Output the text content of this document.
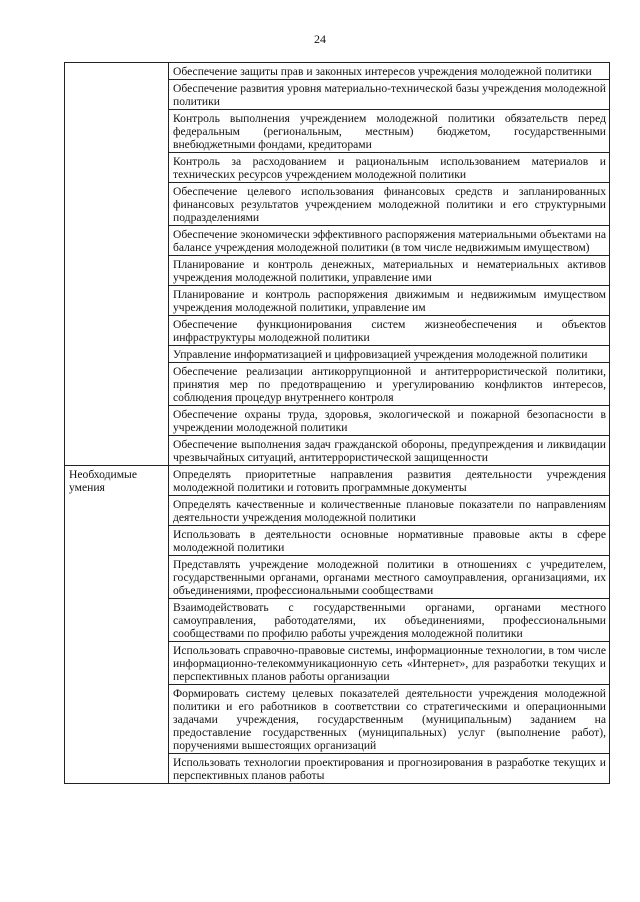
24
	Обеспечение защиты прав и законных интересов учреждения молодежной политики
	Обеспечение развития уровня материально-технической базы учреждения молодежной политики
	Контроль выполнения учреждением молодежной политики обязательств перед федеральным (региональным, местным) бюджетом, государственными внебюджетными фондами, кредиторами
	Контроль за расходованием и рациональным использованием материалов и технических ресурсов учреждением молодежной политики
	Обеспечение целевого использования финансовых средств и запланированных финансовых результатов учреждением молодежной политики и его структурными подразделениями
	Обеспечение экономически эффективного распоряжения материальными объектами на балансе учреждения молодежной политики (в том числе недвижимым имуществом)
	Планирование и контроль денежных, материальных и нематериальных активов учреждения молодежной политики, управление ими
	Планирование и контроль распоряжения движимым и недвижимым имуществом учреждения молодежной политики, управление им
	Обеспечение функционирования систем жизнеобеспечения и объектов инфраструктуры молодежной политики
	Управление информатизацией и цифровизацией учреждения молодежной политики
	Обеспечение реализации антикоррупционной и антитеррористической политики, принятия мер по предотвращению и урегулированию конфликтов интересов, соблюдения процедур внутреннего контроля
	Обеспечение охраны труда, здоровья, экологической и пожарной безопасности в учреждении молодежной политики
	Обеспечение выполнения задач гражданской обороны, предупреждения и ликвидации чрезвычайных ситуаций, антитеррористической защищенности
Необходимые умения	Определять приоритетные направления развития деятельности учреждения молодежной политики и готовить программные документы
	Определять качественные и количественные плановые показатели по направлениям деятельности учреждения молодежной политики
	Использовать в деятельности основные нормативные правовые акты в сфере молодежной политики
	Представлять учреждение молодежной политики в отношениях с учредителем, государственными органами, органами местного самоуправления, организациями, их объединениями, профессиональными сообществами
	Взаимодействовать с государственными органами, органами местного самоуправления, работодателями, их объединениями, профессиональными сообществами по профилю работы учреждения молодежной политики
	Использовать справочно-правовые системы, информационные технологии, в том числе информационно-телекоммуникационную сеть «Интернет», для разработки текущих и перспективных планов работы организации
	Формировать систему целевых показателей деятельности учреждения молодежной политики и его работников в соответствии со стратегическими и операционными задачами учреждения, государственным (муниципальным) заданием на предоставление государственных (муниципальных) услуг (выполнение работ), поручениями вышестоящих организаций
	Использовать технологии проектирования и прогнозирования в разработке текущих и перспективных планов работы
